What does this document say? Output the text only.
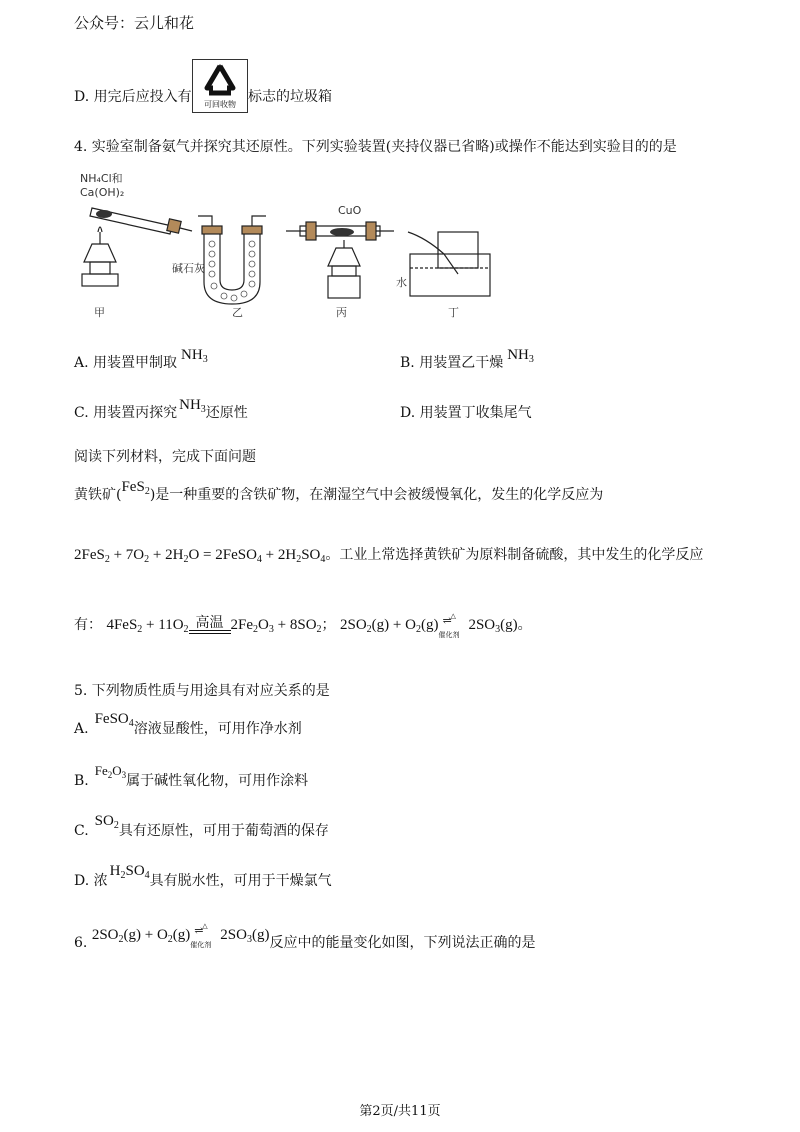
公众号：云儿和花
D. 用完后应投入有	可回收物 标志的垃圾箱
4. 实验室制备氨气并探究其还原性。下列实验装置(夹持仪器已省略)或操作不能达到实验目的的是
NH₄Cl和
Ca(OH)₂
碱石灰
CuO
水
甲	乙	丙	丁
A. 用装置甲制取 $NH_3$	B. 用装置乙干燥 $NH_3$
C. 用装置丙探究 $NH_3$还原性	D. 用装置丁收集尾气
阅读下列材料，完成下面问题
黄铁矿(FeS$_2$)是一种重要的含铁矿物，在潮湿空气中会被缓慢氧化，发生的化学反应为
$2FeS_2 + 7O_2 + 2H_2O$ = 2FeSO$_4$ + $2H_2SO_4$。工业上常选择黄铁矿为原料制备硫酸，其中发生的化学反应
有： $4FeS_2 + 11O_2$ 高温 $2Fe_2O_3 + 8SO_2$； $2SO_2(g) + O_2(g)$
△
⇌
催化剂
$2SO_3(g)$。
5. 下列物质性质与用途具有对应关系的是
A.FeSO$_4$溶液显酸性，可用作净水剂
$B.Fe_2O_3$属于碱性氧化物，可用作涂料
$C.SO_2$具有还原性，可用于葡萄酒的保存
D. 浓$H_2SO_4$具有脱水性，可用于干燥氯气
6. $2SO_2(g) + O_2(g)$
△
⇌
催化剂
$2SO_3(g)$反应中的能量变化如图，下列说法正确的是
第2页/共11页
